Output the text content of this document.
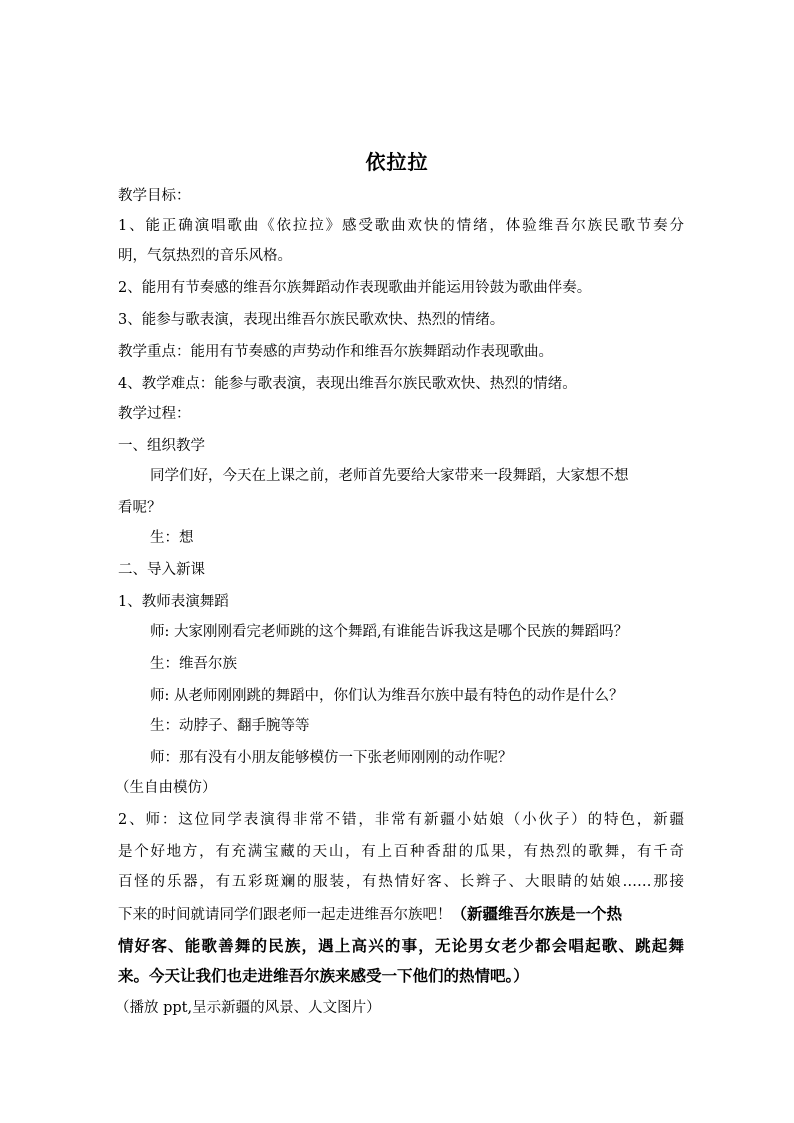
依拉拉
教学目标：
1、能正确演唱歌曲《依拉拉》感受歌曲欢快的情绪，体验维吾尔族民歌节奏分
明，气氛热烈的音乐风格。
2、能用有节奏感的维吾尔族舞蹈动作表现歌曲并能运用铃鼓为歌曲伴奏。
3、能参与歌表演，表现出维吾尔族民歌欢快、热烈的情绪。
教学重点：能用有节奏感的声势动作和维吾尔族舞蹈动作表现歌曲。
4、教学难点：能参与歌表演，表现出维吾尔族民歌欢快、热烈的情绪。
教学过程：
一、组织教学
同学们好，今天在上课之前，老师首先要给大家带来一段舞蹈，大家想不想
看呢？
生：想
二、导入新课
1、教师表演舞蹈
师: 大家刚刚看完老师跳的这个舞蹈,有谁能告诉我这是哪个民族的舞蹈吗？
生：维吾尔族
师: 从老师刚刚跳的舞蹈中，你们认为维吾尔族中最有特色的动作是什么？
生：动脖子、翻手腕等等
师：那有没有小朋友能够模仿一下张老师刚刚的动作呢？
（生自由模仿）
2、师：这位同学表演得非常不错，非常有新疆小姑娘（小伙子）的特色，新疆
是个好地方，有充满宝藏的天山，有上百种香甜的瓜果，有热烈的歌舞，有千奇
百怪的乐器，有五彩斑斓的服装，有热情好客、长辫子、大眼睛的姑娘……那接
下来的时间就请同学们跟老师一起走进维吾尔族吧！（新疆维吾尔族是一个热
情好客、能歌善舞的民族，遇上高兴的事，无论男女老少都会唱起歌、跳起舞
来。今天让我们也走进维吾尔族来感受一下他们的热情吧。）
（播放 ppt,呈示新疆的风景、人文图片）
